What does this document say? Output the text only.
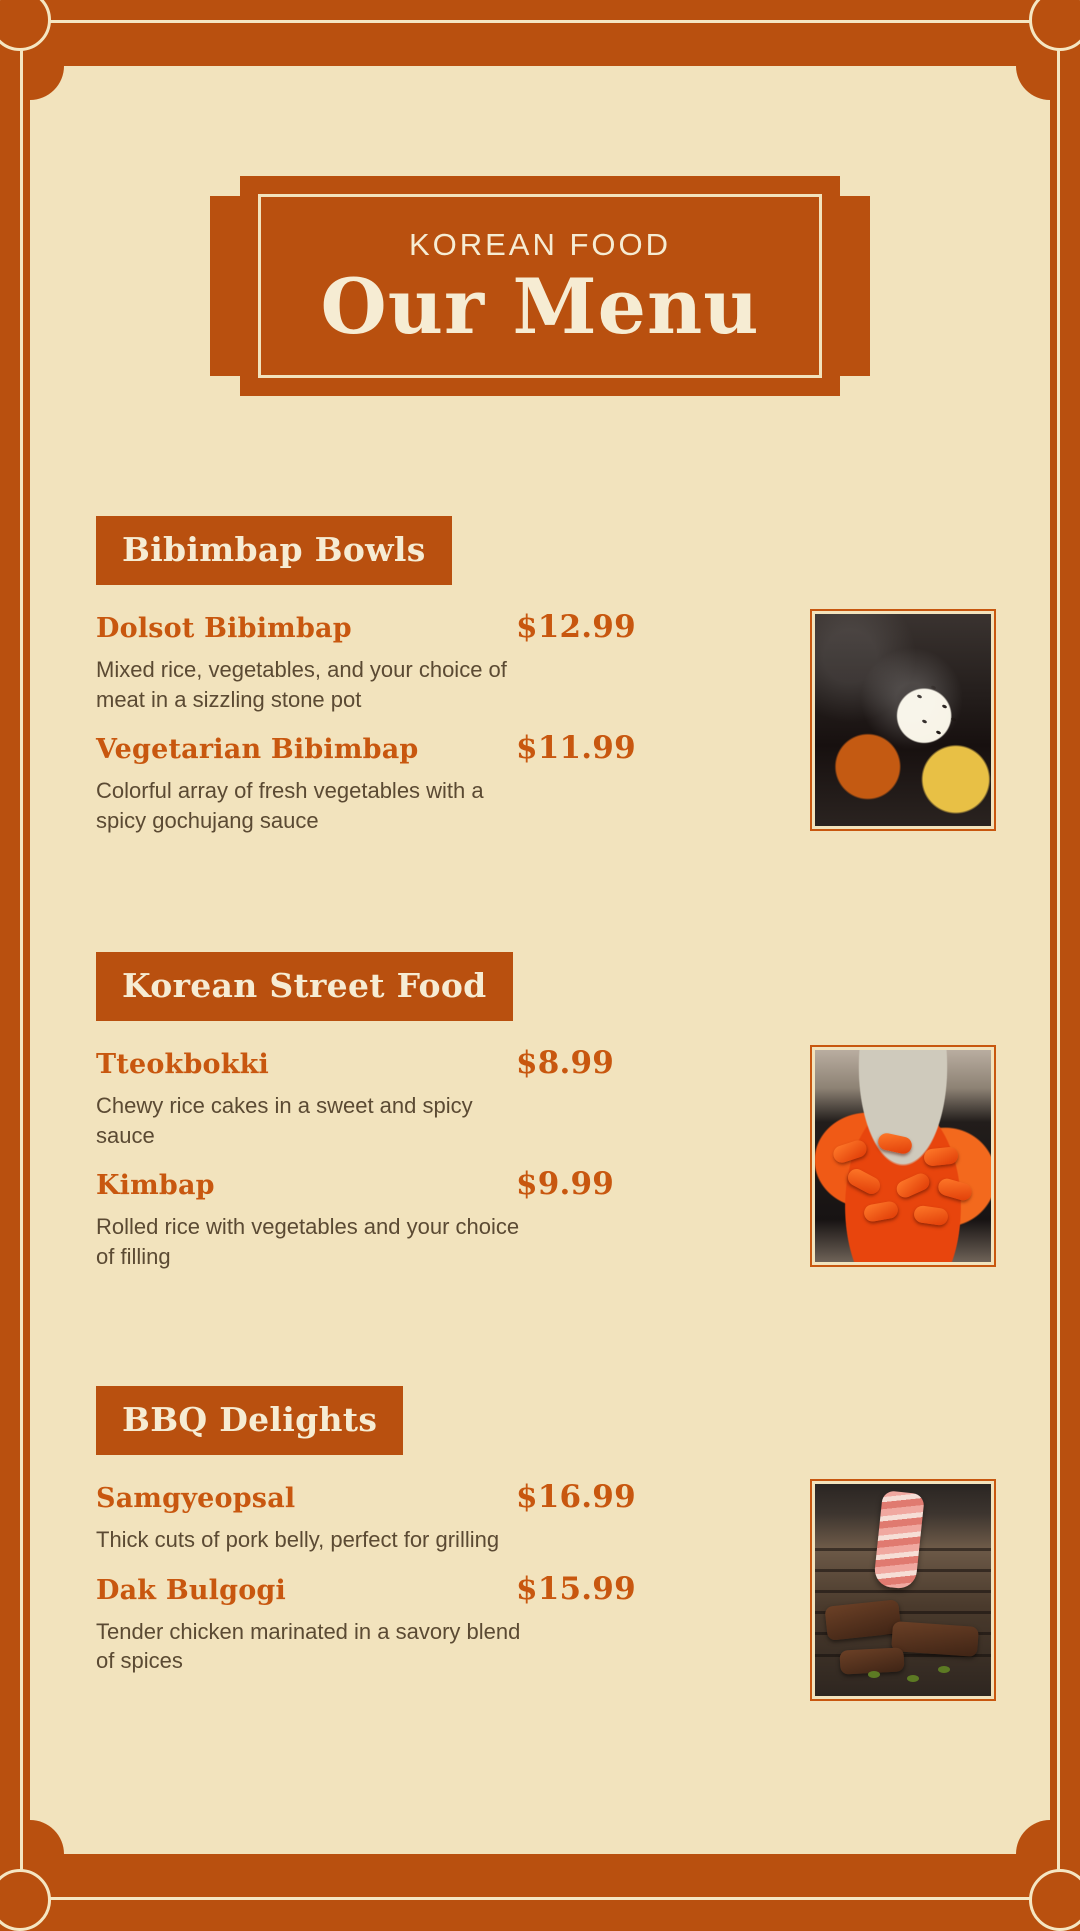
KOREAN FOOD
Our Menu
Bibimbap Bowls
Dolsot Bibimbap	$12.99
Mixed rice, vegetables, and your choice of meat in a sizzling stone pot
Vegetarian Bibimbap	$11.99
Colorful array of fresh vegetables with a spicy gochujang sauce
Korean Street Food
Tteokbokki	$8.99
Chewy rice cakes in a sweet and spicy sauce
Kimbap	$9.99
Rolled rice with vegetables and your choice of filling
BBQ Delights
Samgyeopsal	$16.99
Thick cuts of pork belly, perfect for grilling
Dak Bulgogi	$15.99
Tender chicken marinated in a savory blend of spices
